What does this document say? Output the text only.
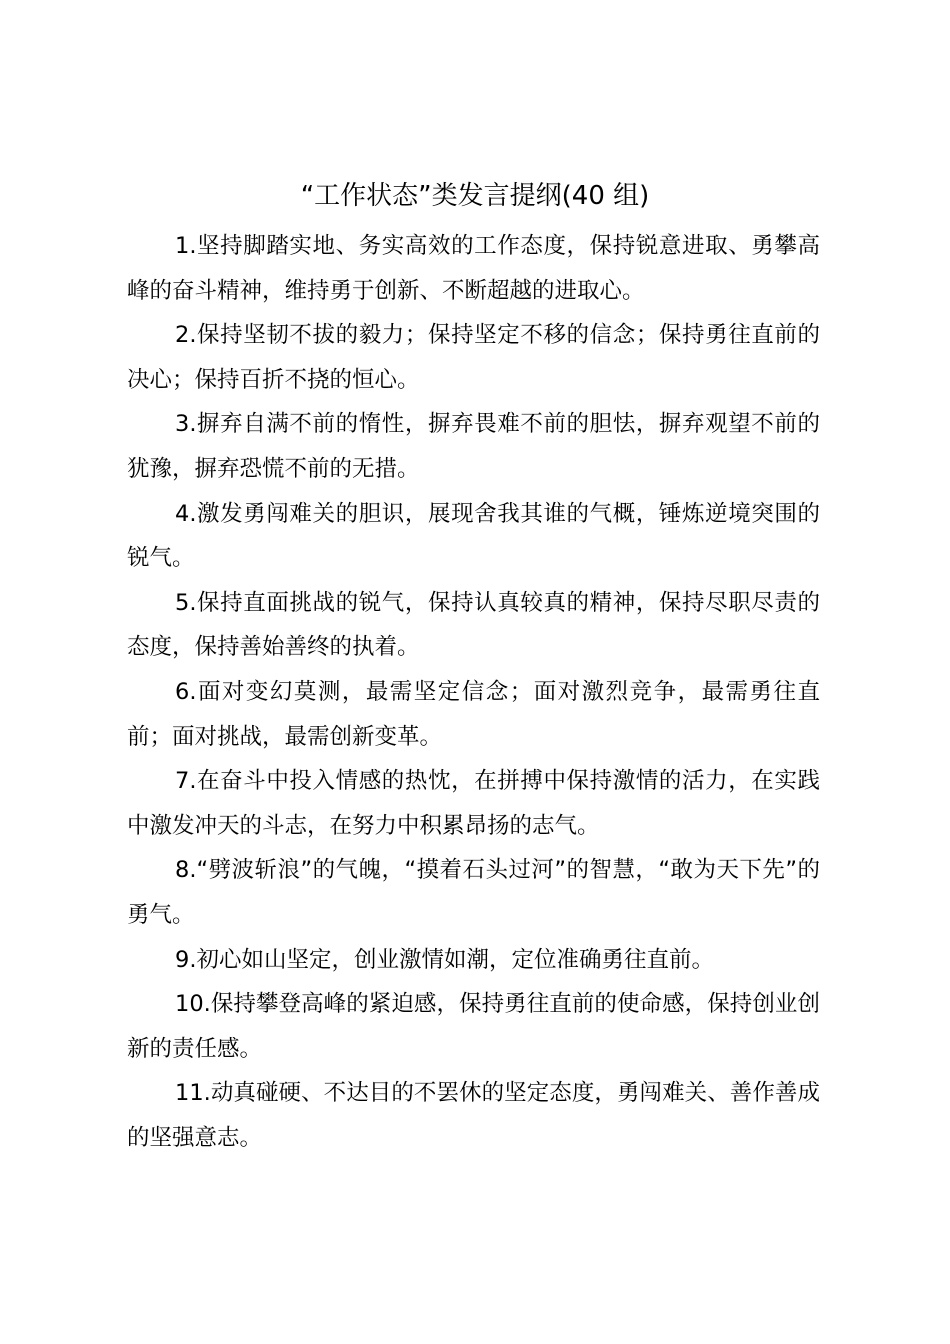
“工作状态”类发言提纲(40 组)

1.坚持脚踏实地、务实高效的工作态度，保持锐意进取、勇攀高峰的奋斗精神，维持勇于创新、不断超越的进取心。

2.保持坚韧不拔的毅力；保持坚定不移的信念；保持勇往直前的决心；保持百折不挠的恒心。

3.摒弃自满不前的惰性，摒弃畏难不前的胆怯，摒弃观望不前的犹豫，摒弃恐慌不前的无措。

4.激发勇闯难关的胆识，展现舍我其谁的气概，锤炼逆境突围的锐气。

5.保持直面挑战的锐气，保持认真较真的精神，保持尽职尽责的态度，保持善始善终的执着。

6.面对变幻莫测，最需坚定信念；面对激烈竞争，最需勇往直前；面对挑战，最需创新变革。

7.在奋斗中投入情感的热忱，在拼搏中保持激情的活力，在实践中激发冲天的斗志，在努力中积累昂扬的志气。

8.“劈波斩浪”的气魄，“摸着石头过河”的智慧，“敢为天下先”的勇气。

9.初心如山坚定，创业激情如潮，定位准确勇往直前。

10.保持攀登高峰的紧迫感，保持勇往直前的使命感，保持创业创新的责任感。

11.动真碰硬、不达目的不罢休的坚定态度，勇闯难关、善作善成的坚强意志。
